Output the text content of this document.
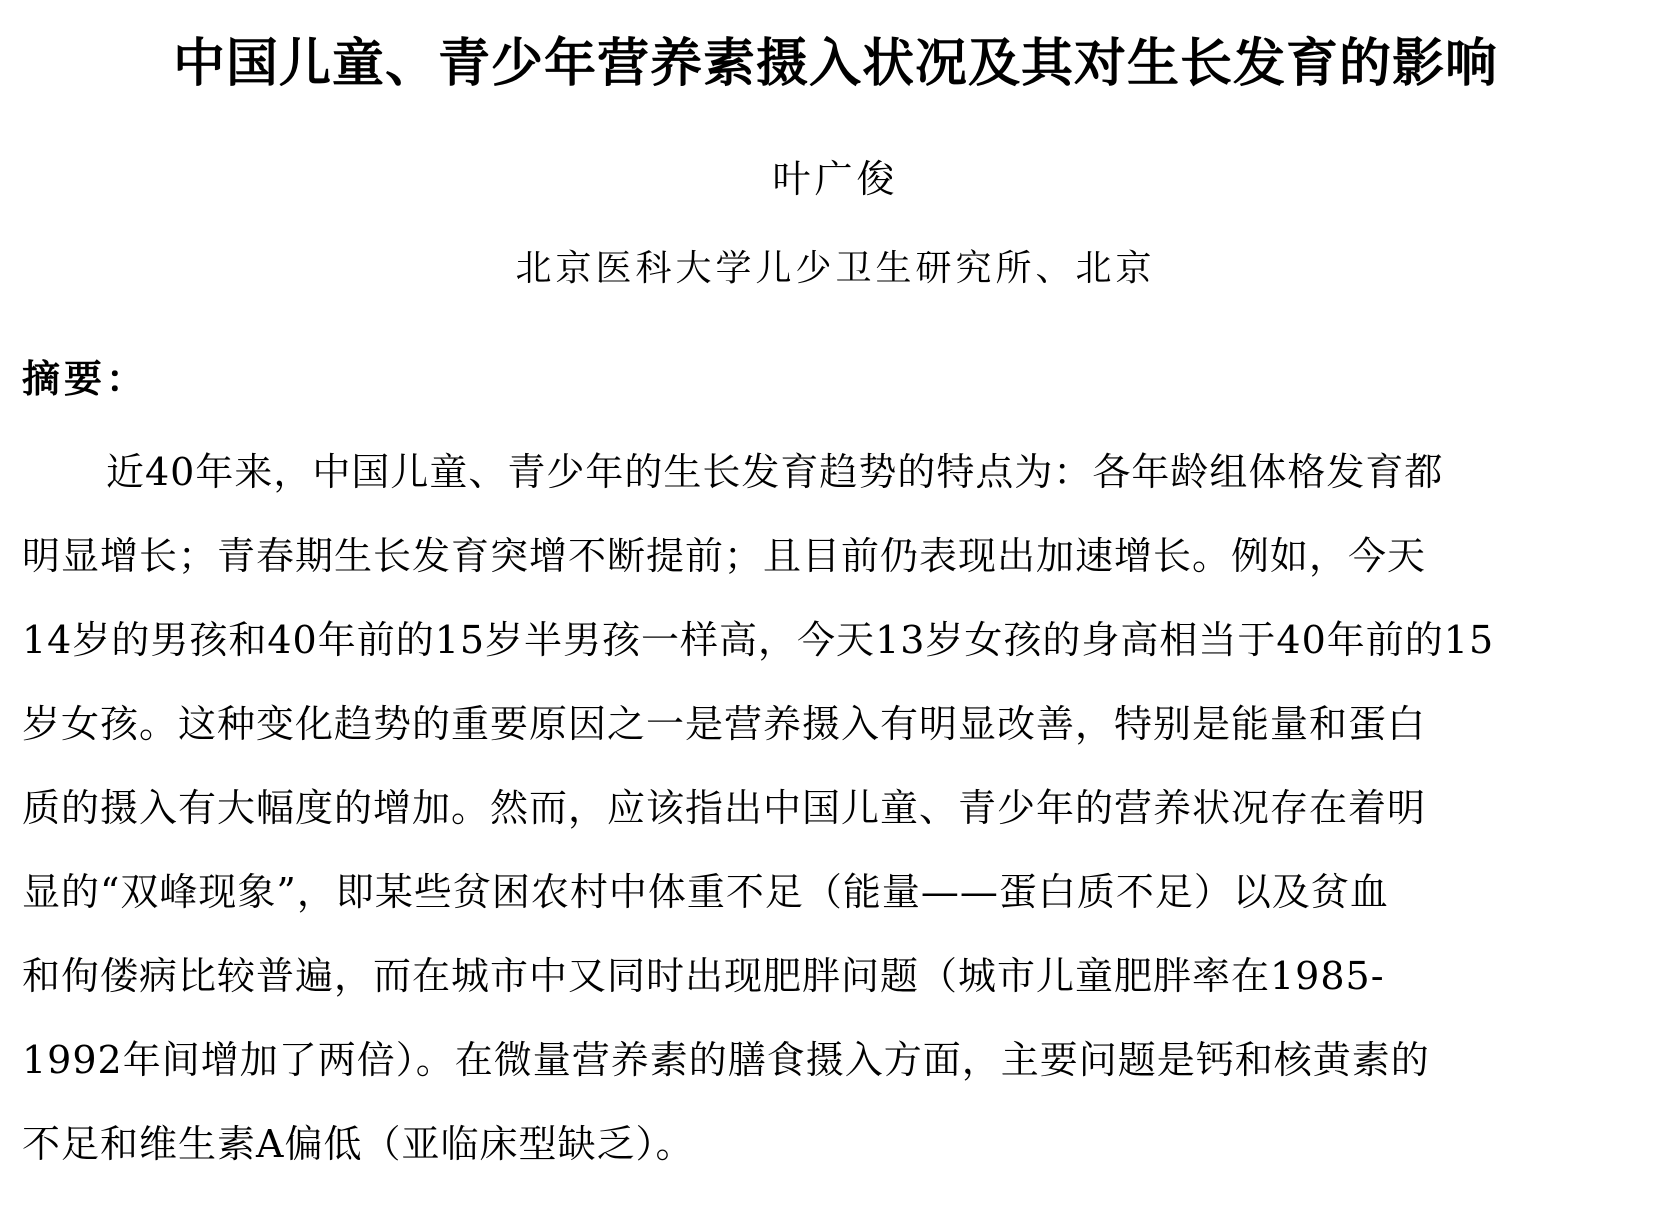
中国儿童、青少年营养素摄入状况及其对生长发育的影响

叶广俊

北京医科大学儿少卫生研究所、北京

摘要：

近40年来，中国儿童、青少年的生长发育趋势的特点为：各年龄组体格发育都
明显增长；青春期生长发育突增不断提前；且目前仍表现出加速增长。例如，今天
14岁的男孩和40年前的15岁半男孩一样高，今天13岁女孩的身高相当于40年前的15
岁女孩。这种变化趋势的重要原因之一是营养摄入有明显改善，特别是能量和蛋白
质的摄入有大幅度的增加。然而，应该指出中国儿童、青少年的营养状况存在着明
显的“双峰现象”，即某些贫困农村中体重不足（能量——蛋白质不足）以及贫血
和佝偻病比较普遍，而在城市中又同时出现肥胖问题（城市儿童肥胖率在1985-
1992年间增加了两倍）。在微量营养素的膳食摄入方面，主要问题是钙和核黄素的
不足和维生素A偏低（亚临床型缺乏）。
